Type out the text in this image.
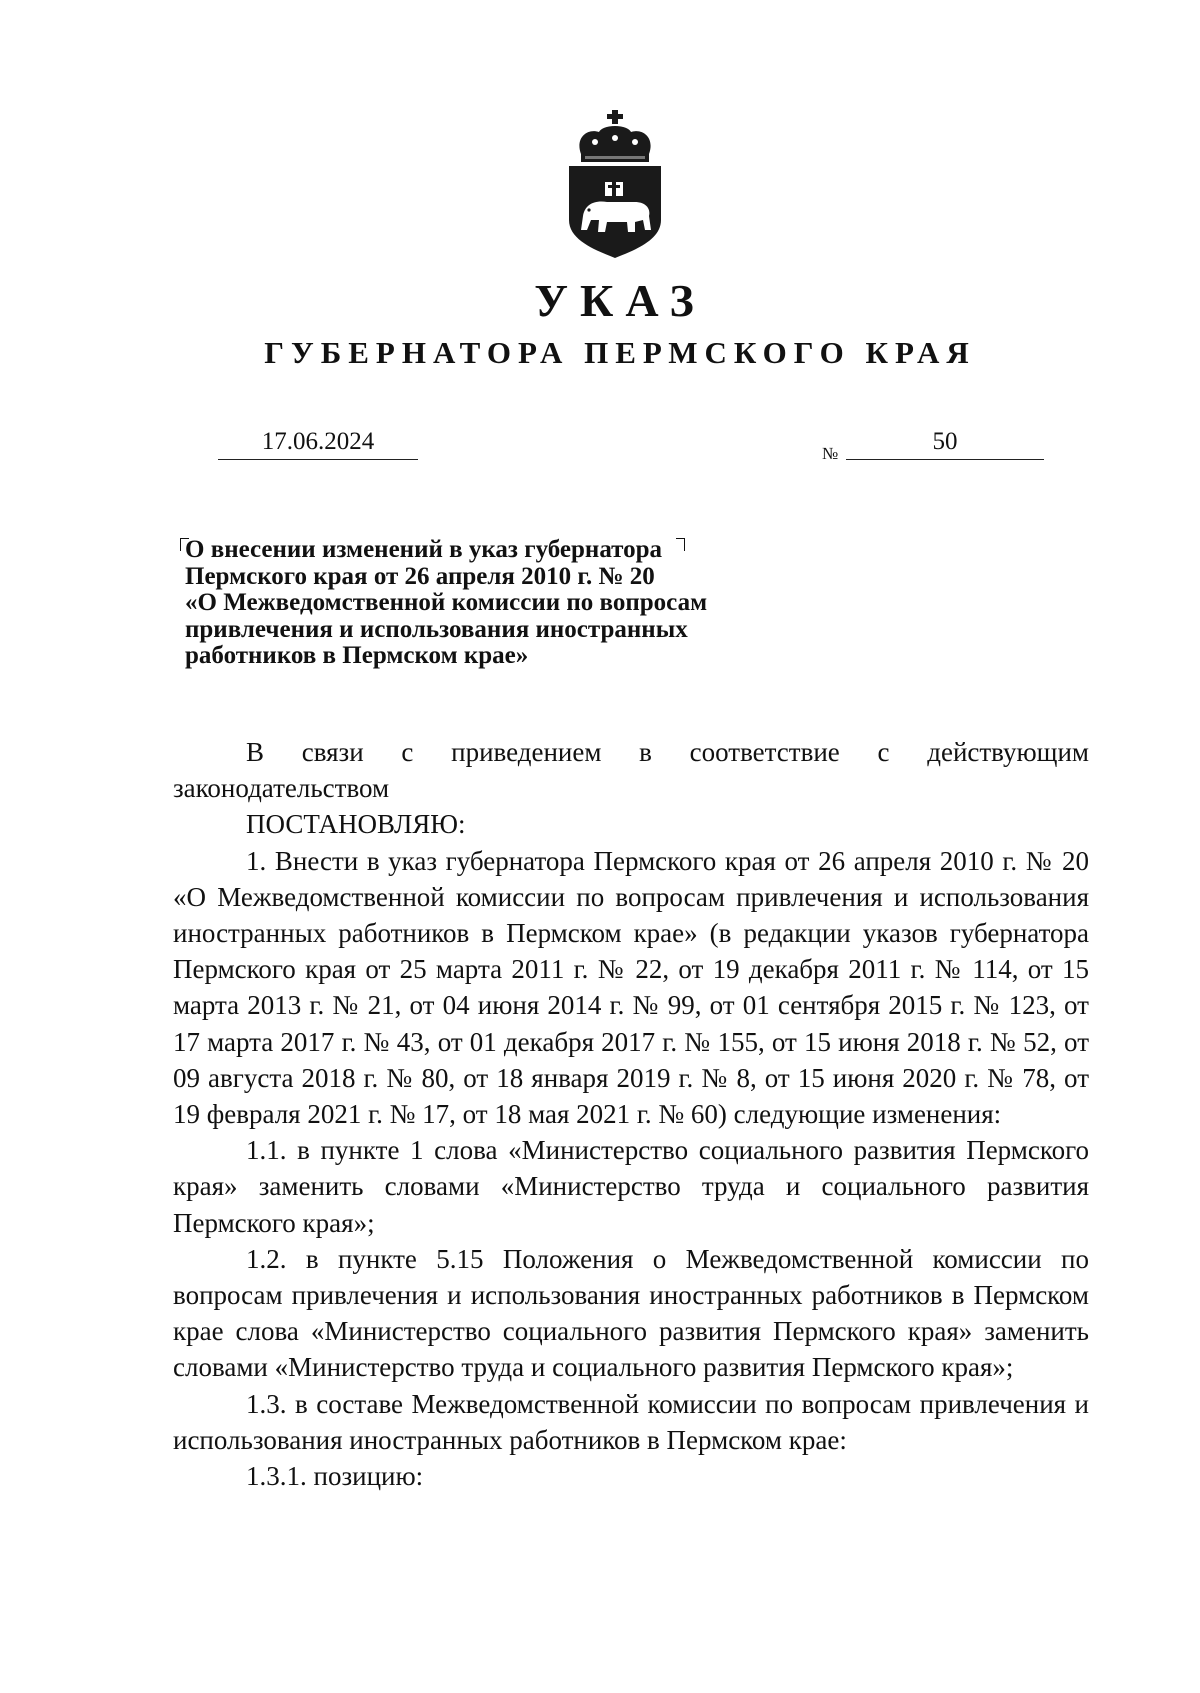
УКАЗ
ГУБЕРНАТОРА ПЕРМСКОГО КРАЯ
17.06.2024	№	50
О внесении изменений в указ губернатора
Пермского края от 26 апреля 2010 г. № 20
«О Межведомственной комиссии по вопросам
привлечения и использования иностранных
работников в Пермском крае»
В связи с приведением в соответствие с действующим законодательством
ПОСТАНОВЛЯЮ:
1. Внести в указ губернатора Пермского края от 26 апреля 2010 г. № 20 «О Межведомственной комиссии по вопросам привлечения и использования иностранных работников в Пермском крае» (в редакции указов губернатора Пермского края от 25 марта 2011 г. № 22, от 19 декабря 2011 г. № 114, от 15 марта 2013 г. № 21, от 04 июня 2014 г. № 99, от 01 сентября 2015 г. № 123, от 17 марта 2017 г. № 43, от 01 декабря 2017 г. № 155, от 15 июня 2018 г. № 52, от 09 августа 2018 г. № 80, от 18 января 2019 г. № 8, от 15 июня 2020 г. № 78, от 19 февраля 2021 г. № 17, от 18 мая 2021 г. № 60) следующие изменения:
1.1. в пункте 1 слова «Министерство социального развития Пермского края» заменить словами «Министерство труда и социального развития Пермского края»;
1.2. в пункте 5.15 Положения о Межведомственной комиссии по вопросам привлечения и использования иностранных работников в Пермском крае слова «Министерство социального развития Пермского края» заменить словами «Министерство труда и социального развития Пермского края»;
1.3. в составе Межведомственной комиссии по вопросам привлечения и использования иностранных работников в Пермском крае:
1.3.1. позицию:
